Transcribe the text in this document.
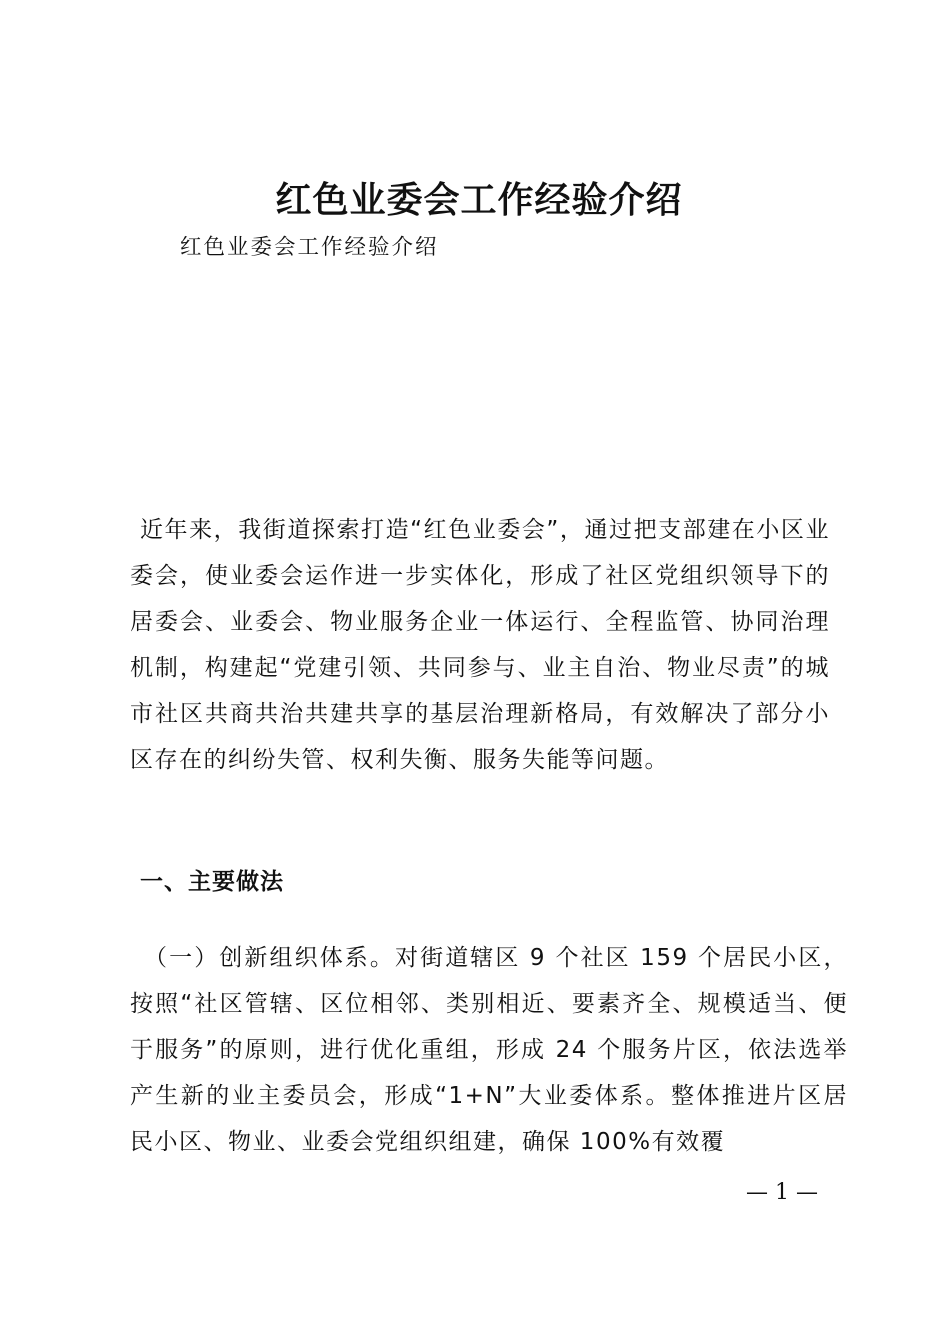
红色业委会工作经验介绍
红色业委会工作经验介绍
近年来，我街道探索打造“红色业委会”，通过把支部建在小区业委会，使业委会运作进一步实体化，形成了社区党组织领导下的居委会、业委会、物业服务企业一体运行、全程监管、协同治理机制，构建起“党建引领、共同参与、业主自治、物业尽责”的城市社区共商共治共建共享的基层治理新格局，有效解决了部分小区存在的纠纷失管、权利失衡、服务失能等问题。
一、主要做法
（一）创新组织体系。对街道辖区 9 个社区 159 个居民小区，按照“社区管辖、区位相邻、类别相近、要素齐全、规模适当、便于服务”的原则，进行优化重组，形成 24 个服务片区，依法选举产生新的业主委员会，形成“1+N”大业委体系。整体推进片区居民小区、物业、业委会党组织组建，确保 100%有效覆
— 1 —
